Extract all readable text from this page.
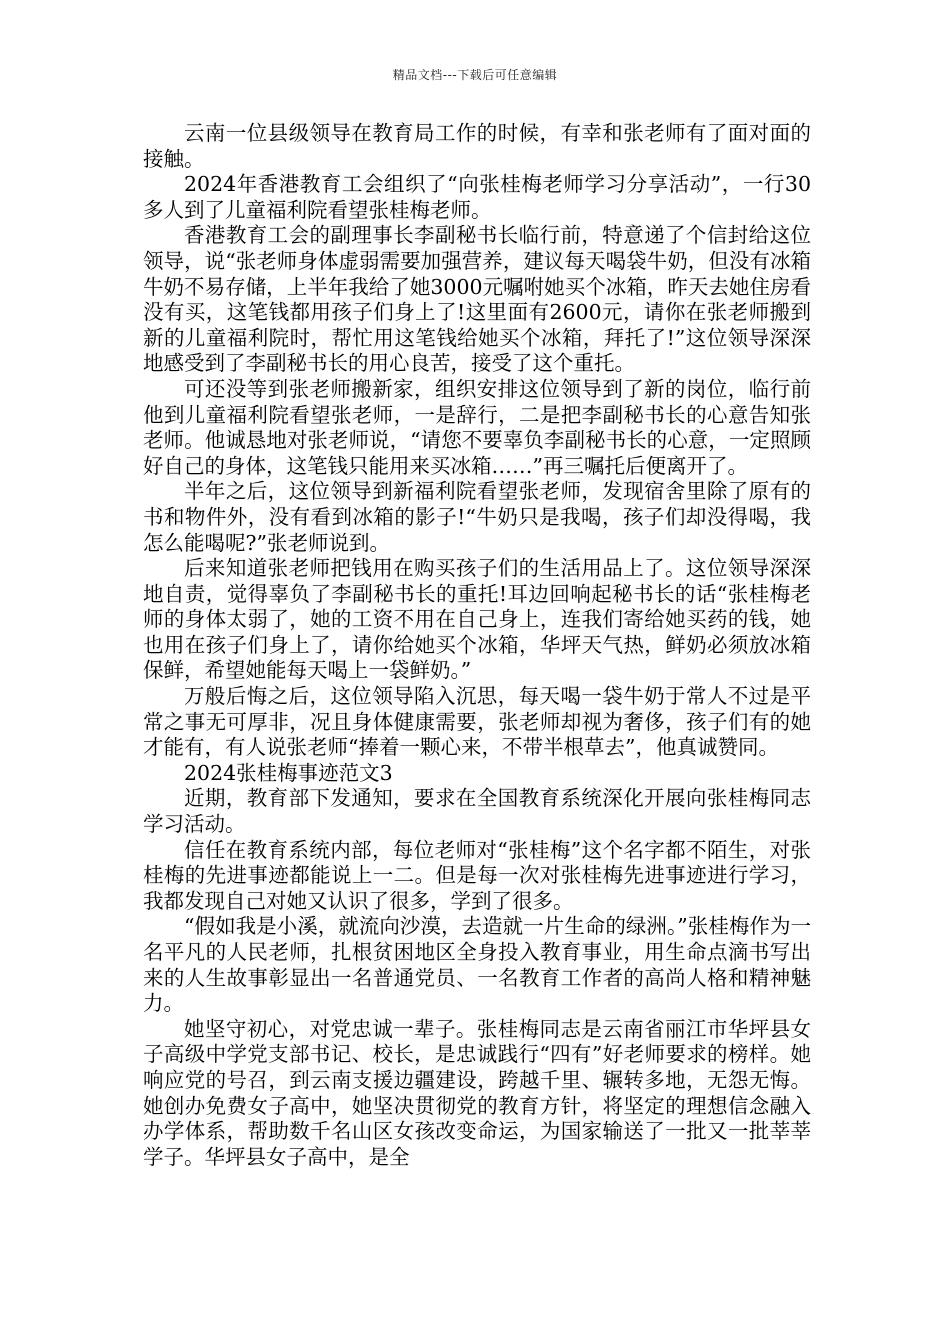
精品文档---下载后可任意编辑

云南一位县级领导在教育局工作的时候，有幸和张老师有了面对面的接触。

2024年香港教育工会组织了“向张桂梅老师学习分享活动”，一行30多人到了儿童福利院看望张桂梅老师。

香港教育工会的副理事长李副秘书长临行前，特意递了个信封给这位领导，说“张老师身体虚弱需要加强营养，建议每天喝袋牛奶，但没有冰箱牛奶不易存储，上半年我给了她3000元嘱咐她买个冰箱，昨天去她住房看没有买，这笔钱都用孩子们身上了!这里面有2600元，请你在张老师搬到新的儿童福利院时，帮忙用这笔钱给她买个冰箱，拜托了!”这位领导深深地感受到了李副秘书长的用心良苦，接受了这个重托。

可还没等到张老师搬新家，组织安排这位领导到了新的岗位，临行前他到儿童福利院看望张老师，一是辞行，二是把李副秘书长的心意告知张老师。他诚恳地对张老师说，“请您不要辜负李副秘书长的心意，一定照顾好自己的身体，这笔钱只能用来买冰箱……”再三嘱托后便离开了。

半年之后，这位领导到新福利院看望张老师，发现宿舍里除了原有的书和物件外，没有看到冰箱的影子!“牛奶只是我喝，孩子们却没得喝，我怎么能喝呢?”张老师说到。

后来知道张老师把钱用在购买孩子们的生活用品上了。这位领导深深地自责，觉得辜负了李副秘书长的重托!耳边回响起秘书长的话“张桂梅老师的身体太弱了，她的工资不用在自己身上，连我们寄给她买药的钱，她也用在孩子们身上了，请你给她买个冰箱，华坪天气热，鲜奶必须放冰箱保鲜，希望她能每天喝上一袋鲜奶。”

万般后悔之后，这位领导陷入沉思，每天喝一袋牛奶于常人不过是平常之事无可厚非，况且身体健康需要，张老师却视为奢侈，孩子们有的她才能有，有人说张老师“捧着一颗心来，不带半根草去”，他真诚赞同。

2024张桂梅事迹范文3

近期，教育部下发通知，要求在全国教育系统深化开展向张桂梅同志学习活动。

信任在教育系统内部，每位老师对“张桂梅”这个名字都不陌生，对张桂梅的先进事迹都能说上一二。但是每一次对张桂梅先进事迹进行学习，我都发现自己对她又认识了很多，学到了很多。

“假如我是小溪，就流向沙漠，去造就一片生命的绿洲。”张桂梅作为一名平凡的人民老师，扎根贫困地区全身投入教育事业，用生命点滴书写出来的人生故事彰显出一名普通党员、一名教育工作者的高尚人格和精神魅力。

她坚守初心，对党忠诚一辈子。张桂梅同志是云南省丽江市华坪县女子高级中学党支部书记、校长，是忠诚践行“四有”好老师要求的榜样。她响应党的号召，到云南支援边疆建设，跨越千里、辗转多地，无怨无悔。她创办免费女子高中，她坚决贯彻党的教育方针，将坚定的理想信念融入办学体系，帮助数千名山区女孩改变命运，为国家输送了一批又一批莘莘学子。华坪县女子高中，是全
